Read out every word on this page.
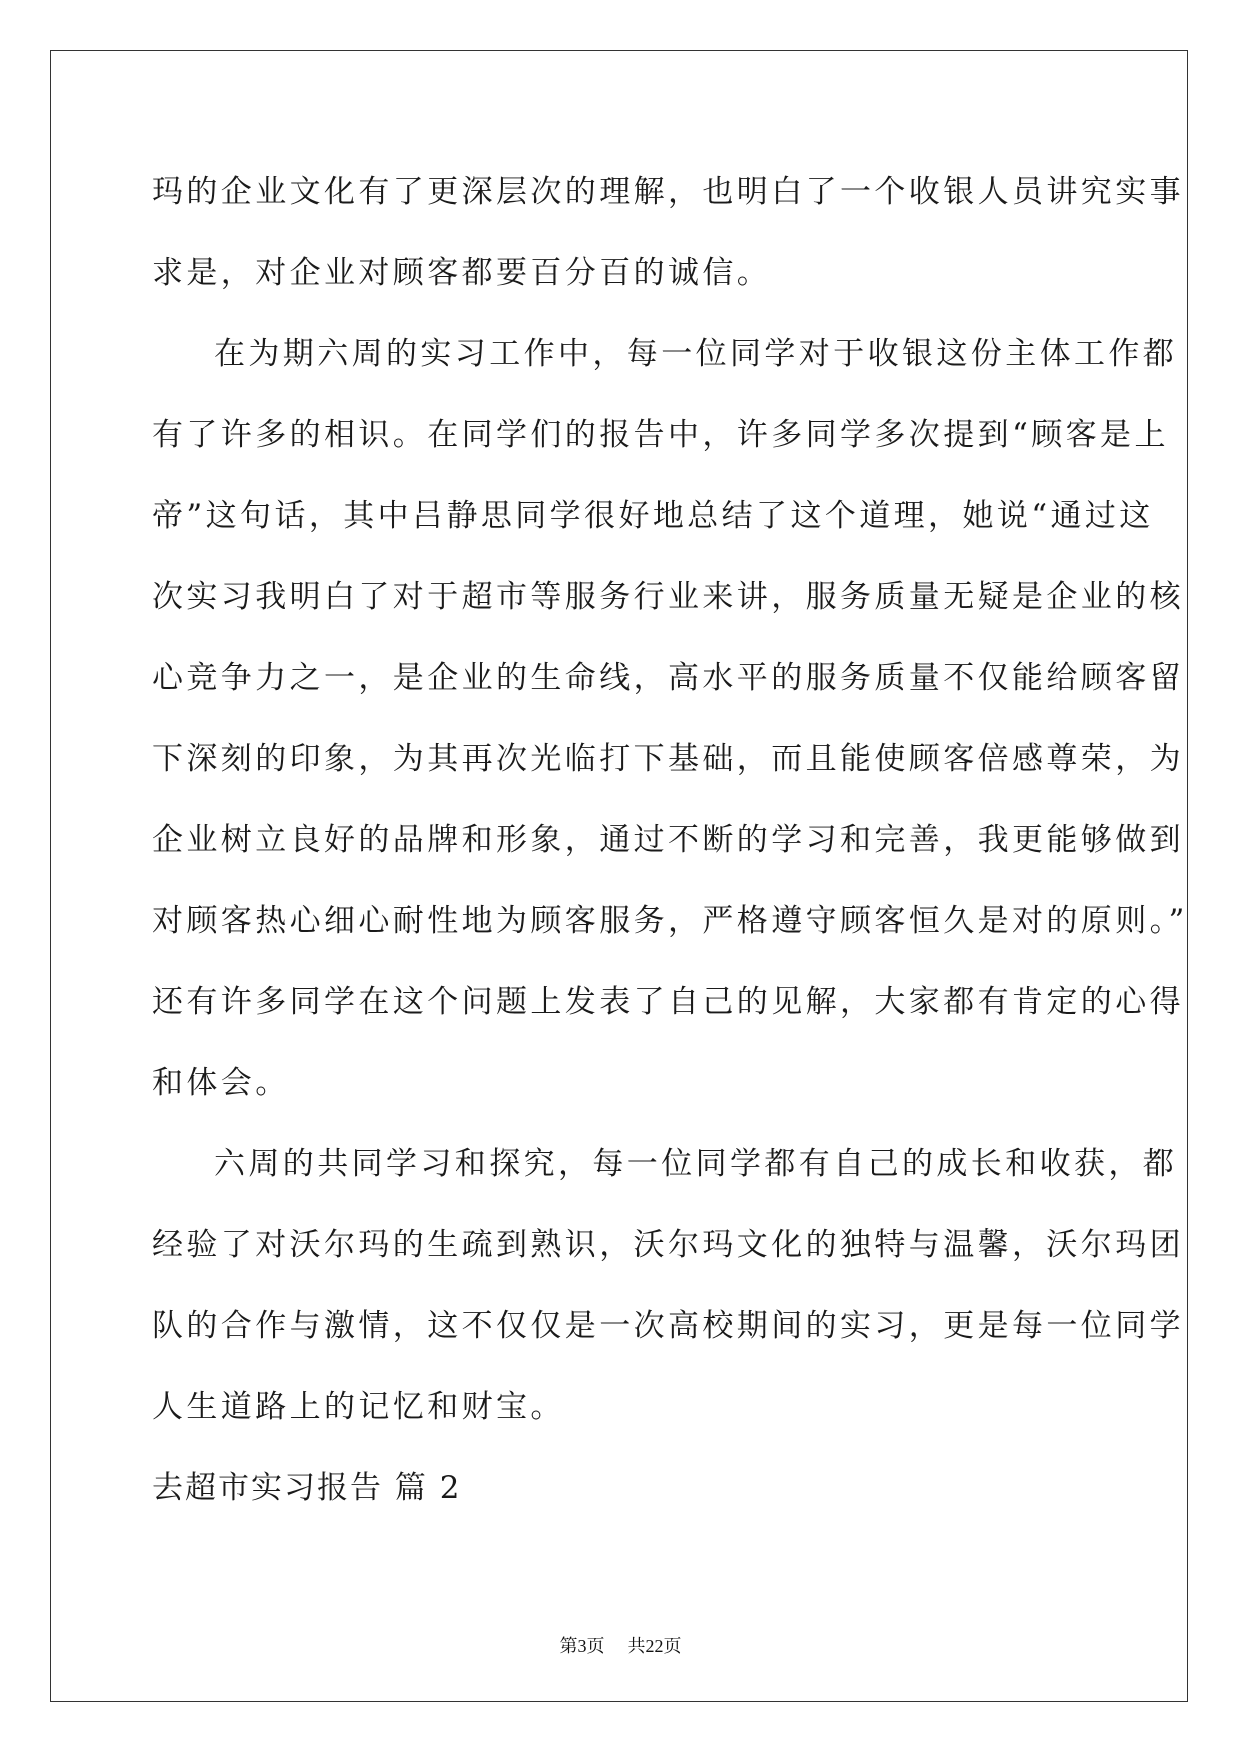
玛的企业文化有了更深层次的理解，也明白了一个收银人员讲究实事
求是，对企业对顾客都要百分百的诚信。
在为期六周的实习工作中，每一位同学对于收银这份主体工作都
有了许多的相识。在同学们的报告中，许多同学多次提到“顾客是上
帝”这句话，其中吕静思同学很好地总结了这个道理，她说“通过这
次实习我明白了对于超市等服务行业来讲，服务质量无疑是企业的核
心竞争力之一，是企业的生命线，高水平的服务质量不仅能给顾客留
下深刻的印象，为其再次光临打下基础，而且能使顾客倍感尊荣，为
企业树立良好的品牌和形象，通过不断的学习和完善，我更能够做到
对顾客热心细心耐性地为顾客服务，严格遵守顾客恒久是对的原则。”
还有许多同学在这个问题上发表了自己的见解，大家都有肯定的心得
和体会。
六周的共同学习和探究，每一位同学都有自己的成长和收获，都
经验了对沃尔玛的生疏到熟识，沃尔玛文化的独特与温馨，沃尔玛团
队的合作与激情，这不仅仅是一次高校期间的实习，更是每一位同学
人生道路上的记忆和财宝。
去超市实习报告 篇 2
第3页 共22页
